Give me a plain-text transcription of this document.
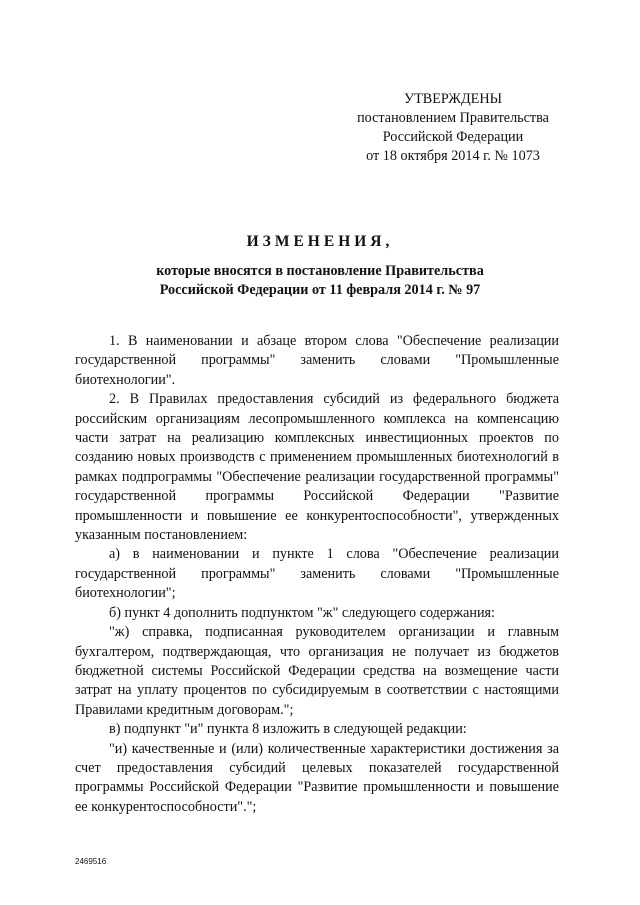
УТВЕРЖДЕНЫ
постановлением Правительства
Российской Федерации
от 18 октября 2014 г. № 1073
ИЗМЕНЕНИЯ,
которые вносятся в постановление Правительства
Российской Федерации от 11 февраля 2014 г. № 97

1. В наименовании и абзаце втором слова "Обеспечение реализации государственной программы" заменить словами "Промышленные биотехнологии".

2. В Правилах предоставления субсидий из федерального бюджета российским организациям лесопромышленного комплекса на компенсацию части затрат на реализацию комплексных инвестиционных проектов по созданию новых производств с применением промышленных биотехнологий в рамках подпрограммы "Обеспечение реализации государственной программы" государственной программы Российской Федерации "Развитие промышленности и повышение ее конкурентоспособности", утвержденных указанным постановлением:

а) в наименовании и пункте 1 слова "Обеспечение реализации государственной программы" заменить словами "Промышленные биотехнологии";

б) пункт 4 дополнить подпунктом "ж" следующего содержания:

"ж) справка, подписанная руководителем организации и главным бухгалтером, подтверждающая, что организация не получает из бюджетов бюджетной системы Российской Федерации средства на возмещение части затрат на уплату процентов по субсидируемым в соответствии с настоящими Правилами кредитным договорам.";

в) подпункт "и" пункта 8 изложить в следующей редакции:

"и) качественные и (или) количественные характеристики достижения за счет предоставления субсидий целевых показателей государственной программы Российской Федерации "Развитие промышленности и повышение ее конкурентоспособности".";

2469516
